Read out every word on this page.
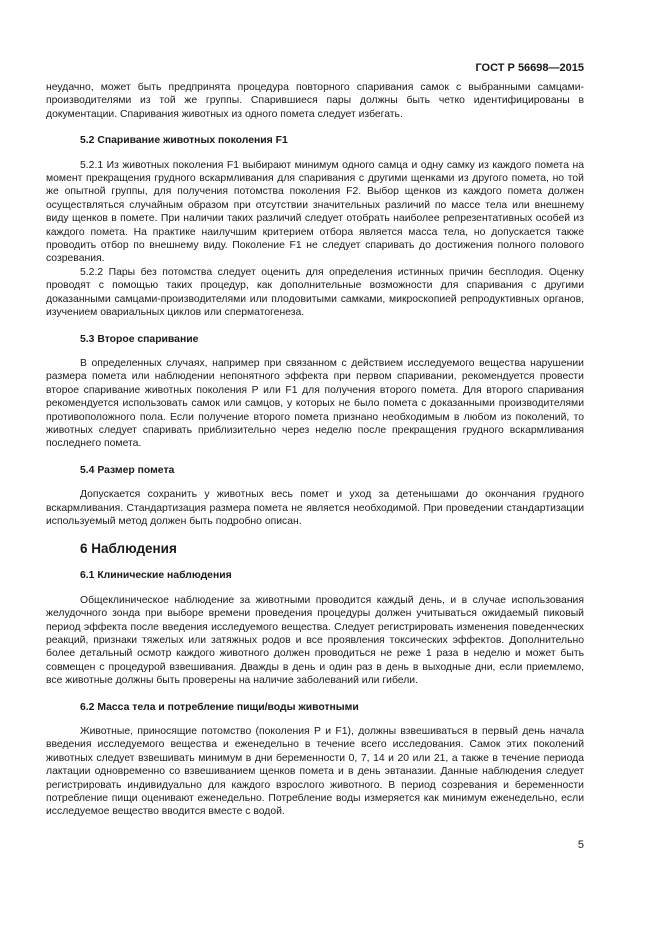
ГОСТ Р 56698—2015

неудачно, может быть предпринята процедура повторного спаривания самок с выбранными самцами-производителями из той же группы. Спарившиеся пары должны быть четко идентифицированы в документации. Спаривания животных из одного помета следует избегать.

5.2 Спаривание животных поколения F1

5.2.1 Из животных поколения F1 выбирают минимум одного самца и одну самку из каждого помета на момент прекращения грудного вскармливания для спаривания с другими щенками из другого помета, но той же опытной группы, для получения потомства поколения F2. Выбор щенков из каждого помета должен осуществляться случайным образом при отсутствии значительных различий по массе тела или внешнему виду щенков в помете. При наличии таких различий следует отобрать наиболее репрезентативных особей из каждого помета. На практике наилучшим критерием отбора является масса тела, но допускается также проводить отбор по внешнему виду. Поколение F1 не следует спаривать до достижения полного полового созревания.

5.2.2 Пары без потомства следует оценить для определения истинных причин бесплодия. Оценку проводят с помощью таких процедур, как дополнительные возможности для спаривания с другими доказанными самцами-производителями или плодовитыми самками, микроскопией репродуктивных органов, изучением овариальных циклов или сперматогенеза.

5.3 Второе спаривание

В определенных случаях, например при связанном с действием исследуемого вещества нарушении размера помета или наблюдении непонятного эффекта при первом спаривании, рекомендуется провести второе спаривание животных поколения Р или F1 для получения второго помета. Для второго спаривания рекомендуется использовать самок или самцов, у которых не было помета с доказанными производителями противоположного пола. Если получение второго помета признано необходимым в любом из поколений, то животных следует спаривать приблизительно через неделю после прекращения грудного вскармливания последнего помета.

5.4 Размер помета

Допускается сохранить у животных весь помет и уход за детенышами до окончания грудного вскармливания. Стандартизация размера помета не является необходимой. При проведении стандартизации используемый метод должен быть подробно описан.

6 Наблюдения
6.1 Клинические наблюдения

Общеклиническое наблюдение за животными проводится каждый день, и в случае использования желудочного зонда при выборе времени проведения процедуры должен учитываться ожидаемый пиковый период эффекта после введения исследуемого вещества. Следует регистрировать изменения поведенческих реакций, признаки тяжелых или затяжных родов и все проявления токсических эффектов. Дополнительно более детальный осмотр каждого животного должен проводиться не реже 1 раза в неделю и может быть совмещен с процедурой взвешивания. Дважды в день и один раз в день в выходные дни, если приемлемо, все животные должны быть проверены на наличие заболеваний или гибели.

6.2 Масса тела и потребление пищи/воды животными

Животные, приносящие потомство (поколения Р и F1), должны взвешиваться в первый день начала введения исследуемого вещества и еженедельно в течение всего исследования. Самок этих поколений животных следует взвешивать минимум в дни беременности 0, 7, 14 и 20 или 21, а также в течение периода лактации одновременно со взвешиванием щенков помета и в день эвтаназии. Данные наблюдения следует регистрировать индивидуально для каждого взрослого животного. В период созревания и беременности потребление пищи оценивают еженедельно. Потребление воды измеряется как минимум еженедельно, если исследуемое вещество вводится вместе с водой.

5
